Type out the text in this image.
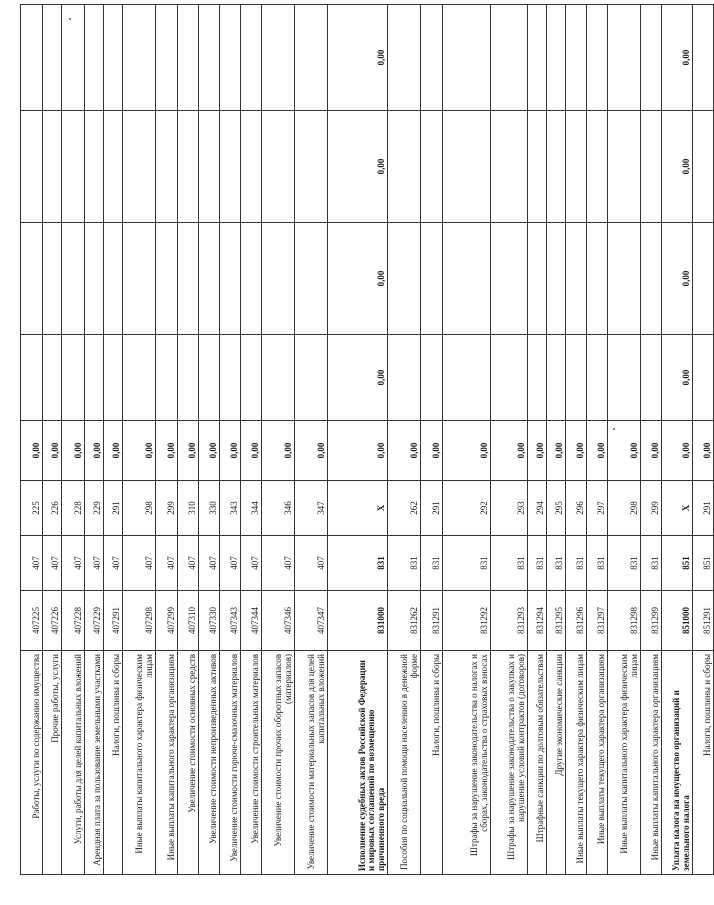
Работы, услуги по содержанию имущества	407225	407	225	0,00				
Прочие работы, услуги	407226	407	226	0,00				
Услуги, работы для целей капитальных вложений	407228	407	228	0,00				
Арендная плата за пользование земельными участками	407229	407	229	0,00				
Налоги, пошлины и сборы	407291	407	291	0,00				
Иные выплаты капитального характера физическим лицам	407298	407	298	0,00				
Иные выплаты капитального характера организациям	407299	407	299	0,00				
Увеличение стоимости основных средств	407310	407	310	0,00				
Увеличение стоимости непроизведенных активов	407330	407	330	0,00				
Увеличение стоимости горюче-смазочных материалов	407343	407	343	0,00				
Увеличение стоимости строительных материалов	407344	407	344	0,00				
Увеличение стоимости прочих оборотных запасов (материалов)	407346	407	346	0,00				
Увеличение стоимости материальных запасов для целей капитальных вложений	407347	407	347	0,00				
Исполнение судебных актов Российской Федерации и мировых соглашений по возмещению причиненного вреда	831000	831	X	0,00	0,00	0,00	0,00	0,00
Пособия по социальной помощи населению в денежной форме	831262	831	262	0,00				
Налоги, пошлины и сборы	831291	831	291	0,00				
Штрафы за нарушение законодательства о налогах и сборах, законодательства о страховых взносах	831292	831	292	0,00				
Штрафы за нарушение законодательства о закупках и нарушение условий контрактов (договоров)	831293	831	293	0,00				
Штрафные санкции по долговым обязательствам	831294	831	294	0,00				
Другие экономические санкции	831295	831	295	0,00				
Иные выплаты текущего характера физическим лицам	831296	831	296	0,00				
Иные выплаты текущего характера организациям	831297	831	297	0,00				
Иные выплаты капитального характера физическим лицам	831298	831	298	0,00				
Иные выплаты капитального характера организациям	831299	831	299	0,00				
Уплата налога на имущество организаций и земельного налога	851000	851	X	0,00	0,00	0,00	0,00	0,00
Налоги, пошлины и сборы	851291	851	291	0,00				
